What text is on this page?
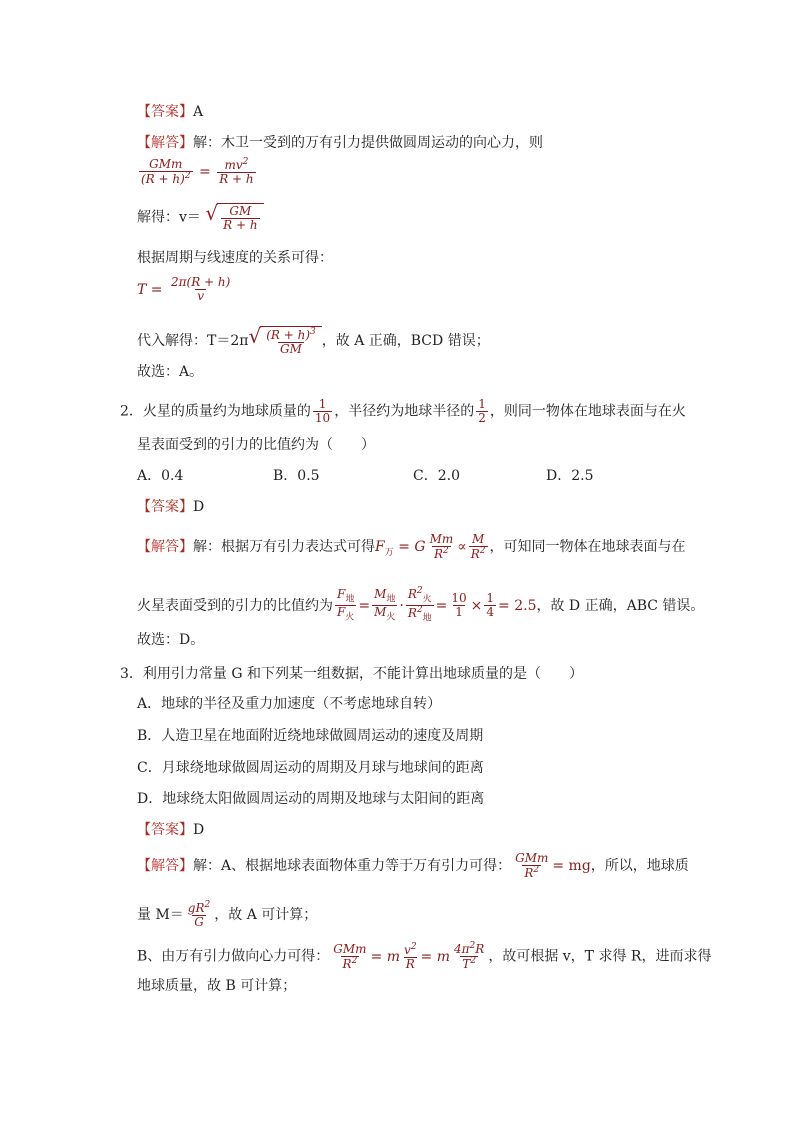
【答案】A
【解答】解：木卫一受到的万有引力提供做圆周运动的向心力，则
$\frac{\text{GMm}}{(R + h)^2} = \frac{mv^2}{R + h}$
解得：v＝ √ $\frac{GM}{R + h}$
根据周期与线速度的关系可得：
$T = \frac{2\pi(R + h)}{v}$
代入解得：T＝2π √ $\frac{(R + h)^3}{GM}$ ，故 A 正确，BCD 错误；
故选：A。
2．火星的质量约为地球质量的 $\frac{1}{10}$ ，半径约为地球半径的 $\frac{1}{2}$ ，则同一物体在地球表面与在火
星表面受到的引力的比值约为（　　）
A．0.4	B．0.5	C．2.0	D．2.5
【答案】D
【解答】解：根据万有引力表达式可得$F_万 = G \frac{Mm}{R^2} \propto \frac{M}{R^2}$ ，可知同一物体在地球表面与在
火星表面受到的引力的比值约为 $\frac{F_地}{F_火} = \frac{M_地}{M_火} \cdot \frac{R^2_火}{R^2_地} = \frac{10}{1} \times \frac{1}{4} = 2.5$，故 D 正确，ABC 错误。
故选：D。
3．利用引力常量 G 和下列某一组数据，不能计算出地球质量的是（　　）
A．地球的半径及重力加速度（不考虑地球自转）
B．人造卫星在地面附近绕地球做圆周运动的速度及周期
C．月球绕地球做圆周运动的周期及月球与地球间的距离
D．地球绕太阳做圆周运动的周期及地球与太阳间的距离
【答案】D
【解答】解：A、根据地球表面物体重力等于万有引力可得： $\frac{\text{GMm}}{R^2}$ = mg，所以，地球质
量 $M= \frac{gR^2}{G}$ ，故 A 可计算；
B、由万有引力做向心力可得： $\frac{\text{GMm}}{R^2} = m \frac{v^2}{R} = m \frac{4\pi^2R}{T^2}$ ，故可根据 v，T 求得 R，进而求得
地球质量，故 B 可计算；
